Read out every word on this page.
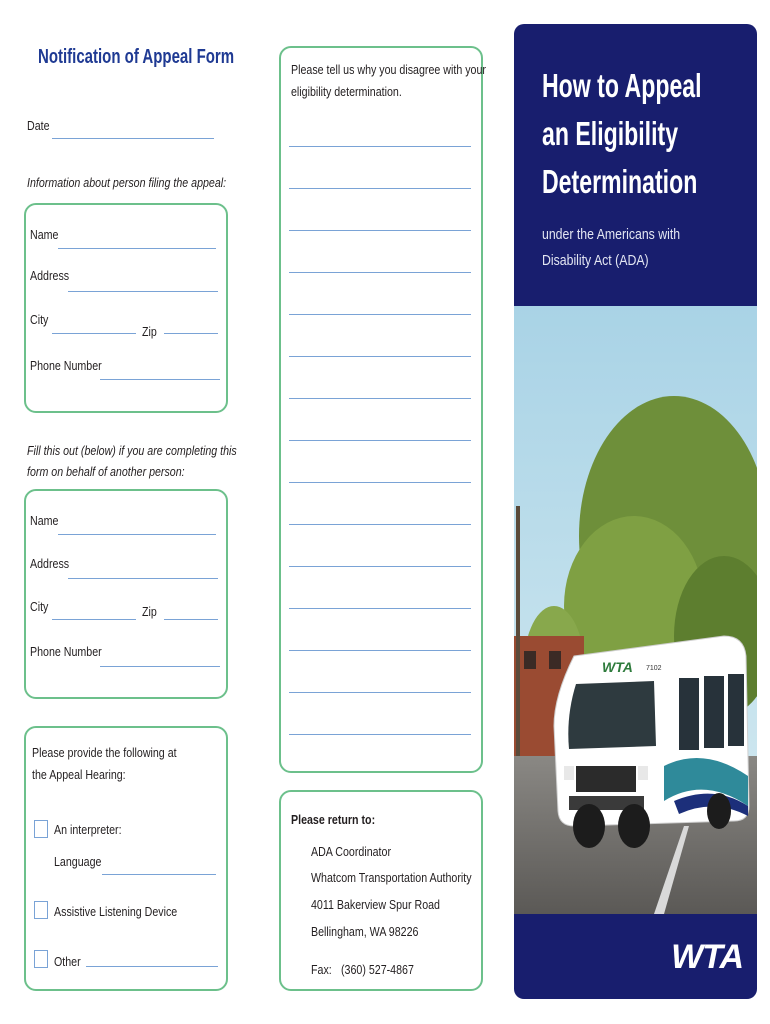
Notification of Appeal Form
Date
Information about person filing the appeal:
Name
Address
City
Zip
Phone Number
Fill this out (below) if you are completing this
form on behalf of another person:
Name
Address
City	Zip
Phone Number
Please provide the following at
the Appeal Hearing:
An interpreter:
Language
Assistive Listening Device
Other
Please tell us why you disagree with your
eligibility determination.
Please return to:
ADA Coordinator
Whatcom Transportation Authority
4011 Bakerview Spur Road
Bellingham, WA 98226
Fax: (360) 527-4867
How to Appeal
an Eligibility
Determination
under the Americans with
Disability Act (ADA)
WTA 7102
WTA
